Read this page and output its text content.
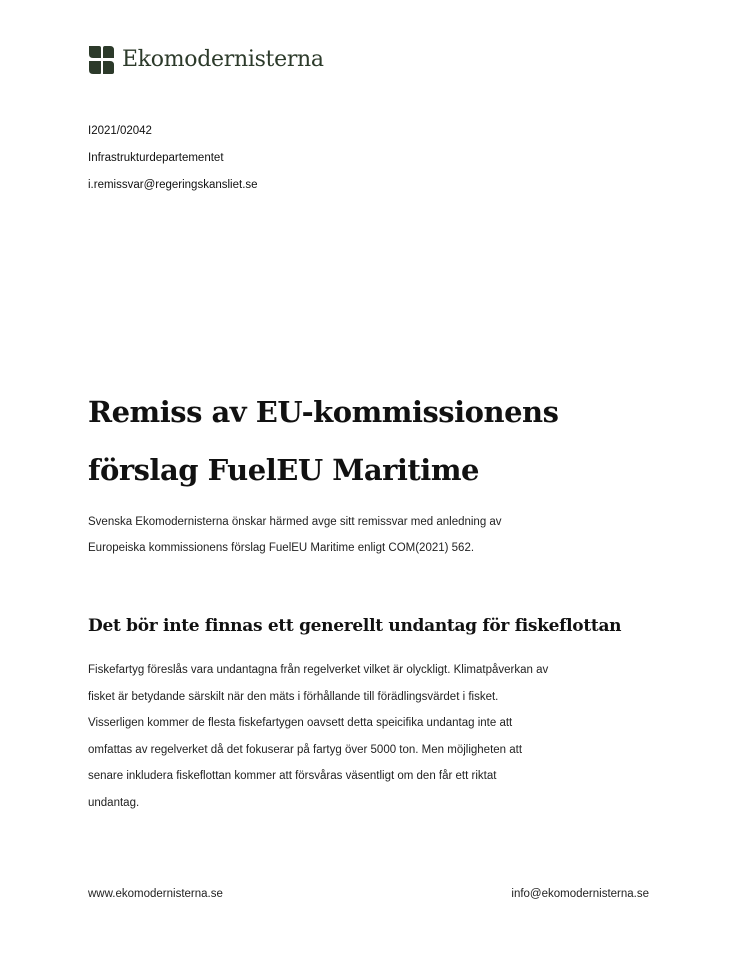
Ekomodernisterna
I2021/02042
Infrastrukturdepartementet
i.remissvar@regeringskansliet.se
Remiss av EU-kommissionens
förslag FuelEU Maritime
Svenska Ekomodernisterna önskar härmed avge sitt remissvar med anledning av
Europeiska kommissionens förslag FuelEU Maritime enligt COM(2021) 562.
Det bör inte finnas ett generellt undantag för fiskeflottan
Fiskefartyg föreslås vara undantagna från regelverket vilket är olyckligt. Klimatpåverkan av
fisket är betydande särskilt när den mäts i förhållande till förädlingsvärdet i fisket.
Visserligen kommer de flesta fiskefartygen oavsett detta speicifika undantag inte att
omfattas av regelverket då det fokuserar på fartyg över 5000 ton. Men möjligheten att
senare inkludera fiskeflottan kommer att försvåras väsentligt om den får ett riktat
undantag.
www.ekomodernisterna.se	info@ekomodernisterna.se
